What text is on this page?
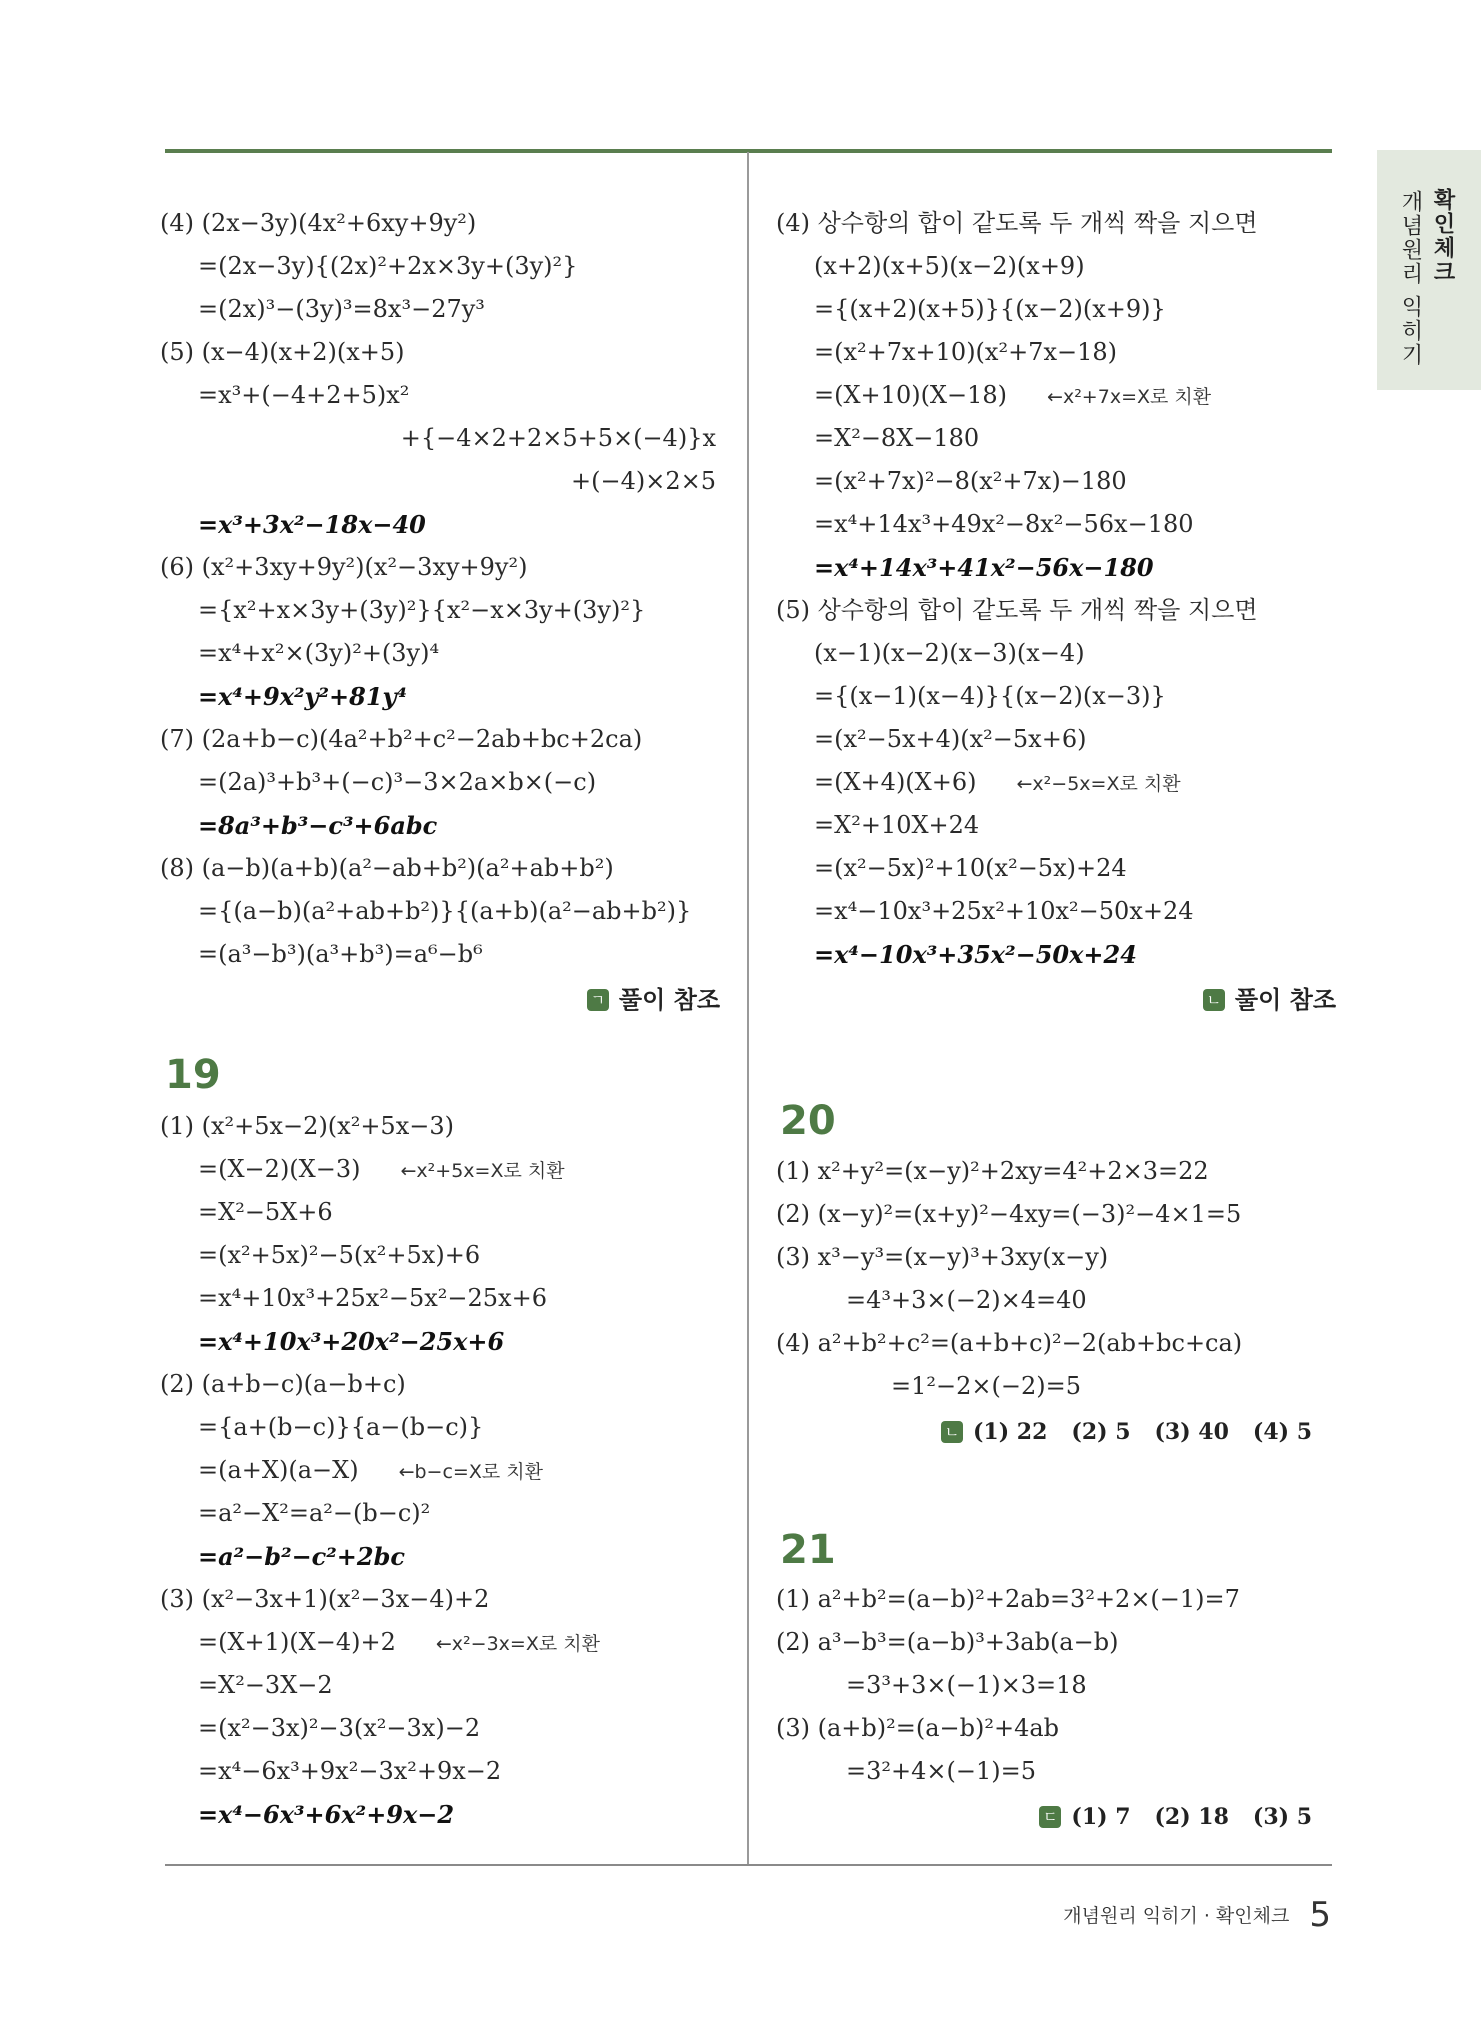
확인체크
개념원리 익히기
(4) (2x−3y)(4x²+6xy+9y²)
=(2x−3y){(2x)²+2x×3y+(3y)²}
=(2x)³−(3y)³=8x³−27y³
(5) (x−4)(x+2)(x+5)
=x³+(−4+2+5)x²
+{−4×2+2×5+5×(−4)}x
+(−4)×2×5
=x³+3x²−18x−40
(6) (x²+3xy+9y²)(x²−3xy+9y²)
={x²+x×3y+(3y)²}{x²−x×3y+(3y)²}
=x⁴+x²×(3y)²+(3y)⁴
=x⁴+9x²y²+81y⁴
(7) (2a+b−c)(4a²+b²+c²−2ab+bc+2ca)
=(2a)³+b³+(−c)³−3×2a×b×(−c)
=8a³+b³−c³+6abc
(8) (a−b)(a+b)(a²−ab+b²)(a²+ab+b²)
={(a−b)(a²+ab+b²)}{(a+b)(a²−ab+b²)}
=(a³−b³)(a³+b³)=a⁶−b⁶
ㄱ 풀이 참조
19
(1) (x²+5x−2)(x²+5x−3)
=(X−2)(X−3) ←x²+5x=X로 치환
=X²−5X+6
=(x²+5x)²−5(x²+5x)+6
=x⁴+10x³+25x²−5x²−25x+6
=x⁴+10x³+20x²−25x+6
(2) (a+b−c)(a−b+c)
={a+(b−c)}{a−(b−c)}
=(a+X)(a−X) ←b−c=X로 치환
=a²−X²=a²−(b−c)²
=a²−b²−c²+2bc
(3) (x²−3x+1)(x²−3x−4)+2
=(X+1)(X−4)+2 ←x²−3x=X로 치환
=X²−3X−2
=(x²−3x)²−3(x²−3x)−2
=x⁴−6x³+9x²−3x²+9x−2
=x⁴−6x³+6x²+9x−2
(4) 상수항의 합이 같도록 두 개씩 짝을 지으면
(x+2)(x+5)(x−2)(x+9)
={(x+2)(x+5)}{(x−2)(x+9)}
=(x²+7x+10)(x²+7x−18)
=(X+10)(X−18) ←x²+7x=X로 치환
=X²−8X−180
=(x²+7x)²−8(x²+7x)−180
=x⁴+14x³+49x²−8x²−56x−180
=x⁴+14x³+41x²−56x−180
(5) 상수항의 합이 같도록 두 개씩 짝을 지으면
(x−1)(x−2)(x−3)(x−4)
={(x−1)(x−4)}{(x−2)(x−3)}
=(x²−5x+4)(x²−5x+6)
=(X+4)(X+6) ←x²−5x=X로 치환
=X²+10X+24
=(x²−5x)²+10(x²−5x)+24
=x⁴−10x³+25x²+10x²−50x+24
=x⁴−10x³+35x²−50x+24
ㄴ 풀이 참조
20
(1) x²+y²=(x−y)²+2xy=4²+2×3=22
(2) (x−y)²=(x+y)²−4xy=(−3)²−4×1=5
(3) x³−y³=(x−y)³+3xy(x−y)
=4³+3×(−2)×4=40
(4) a²+b²+c²=(a+b+c)²−2(ab+bc+ca)
=1²−2×(−2)=5
ㄴ (1) 22 (2) 5 (3) 40 (4) 5
21
(1) a²+b²=(a−b)²+2ab=3²+2×(−1)=7
(2) a³−b³=(a−b)³+3ab(a−b)
=3³+3×(−1)×3=18
(3) (a+b)²=(a−b)²+4ab
=3²+4×(−1)=5
ㄷ (1) 7 (2) 18 (3) 5
개념원리 익히기 · 확인체크 5
